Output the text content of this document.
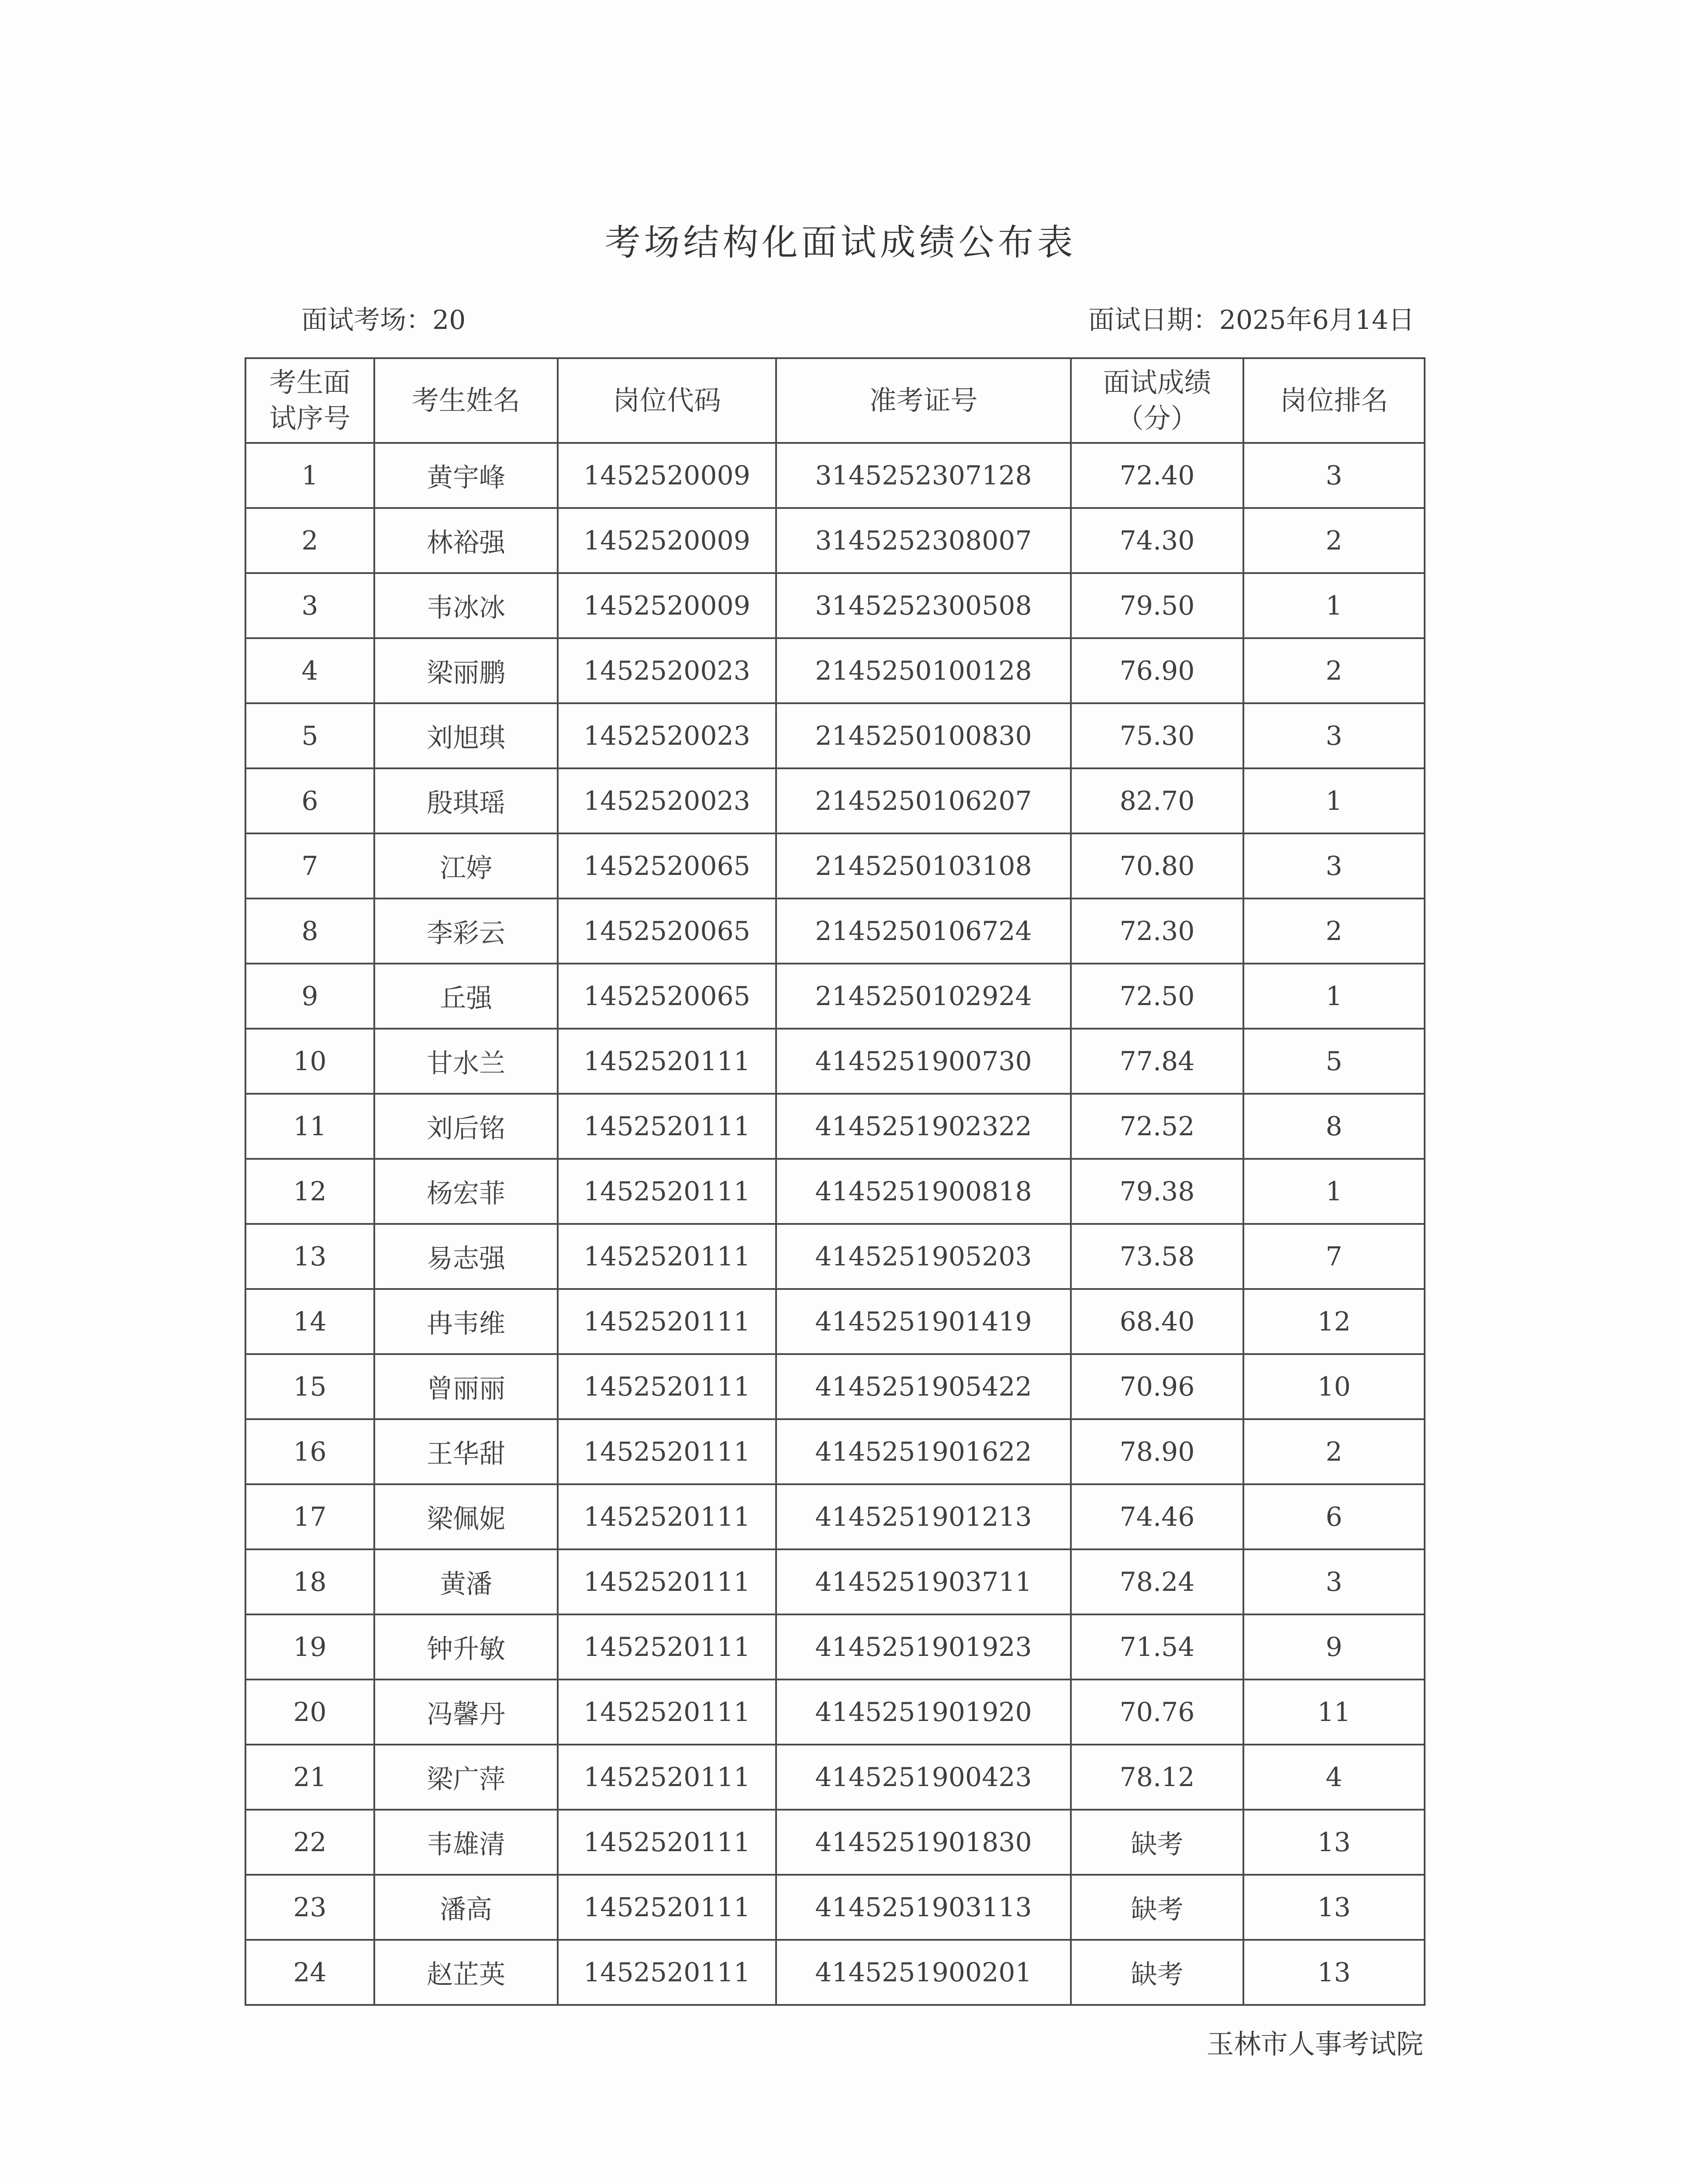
考场结构化面试成绩公布表
面试考场：20	面试日期：2025年6月14日
考生面试序号	考生姓名	岗位代码	准考证号	面试成绩（分）	岗位排名
1	黄宇峰	1452520009	3145252307128	72.40	3
2	林裕强	1452520009	3145252308007	74.30	2
3	韦冰冰	1452520009	3145252300508	79.50	1
4	梁丽鹏	1452520023	2145250100128	76.90	2
5	刘旭琪	1452520023	2145250100830	75.30	3
6	殷琪瑶	1452520023	2145250106207	82.70	1
7	江婷	1452520065	2145250103108	70.80	3
8	李彩云	1452520065	2145250106724	72.30	2
9	丘强	1452520065	2145250102924	72.50	1
10	甘水兰	1452520111	4145251900730	77.84	5
11	刘后铭	1452520111	4145251902322	72.52	8
12	杨宏菲	1452520111	4145251900818	79.38	1
13	易志强	1452520111	4145251905203	73.58	7
14	冉韦维	1452520111	4145251901419	68.40	12
15	曾丽丽	1452520111	4145251905422	70.96	10
16	王华甜	1452520111	4145251901622	78.90	2
17	梁佩妮	1452520111	4145251901213	74.46	6
18	黄潘	1452520111	4145251903711	78.24	3
19	钟升敏	1452520111	4145251901923	71.54	9
20	冯馨丹	1452520111	4145251901920	70.76	11
21	梁广萍	1452520111	4145251900423	78.12	4
22	韦雄清	1452520111	4145251901830	缺考	13
23	潘高	1452520111	4145251903113	缺考	13
24	赵芷英	1452520111	4145251900201	缺考	13
玉林市人事考试院
